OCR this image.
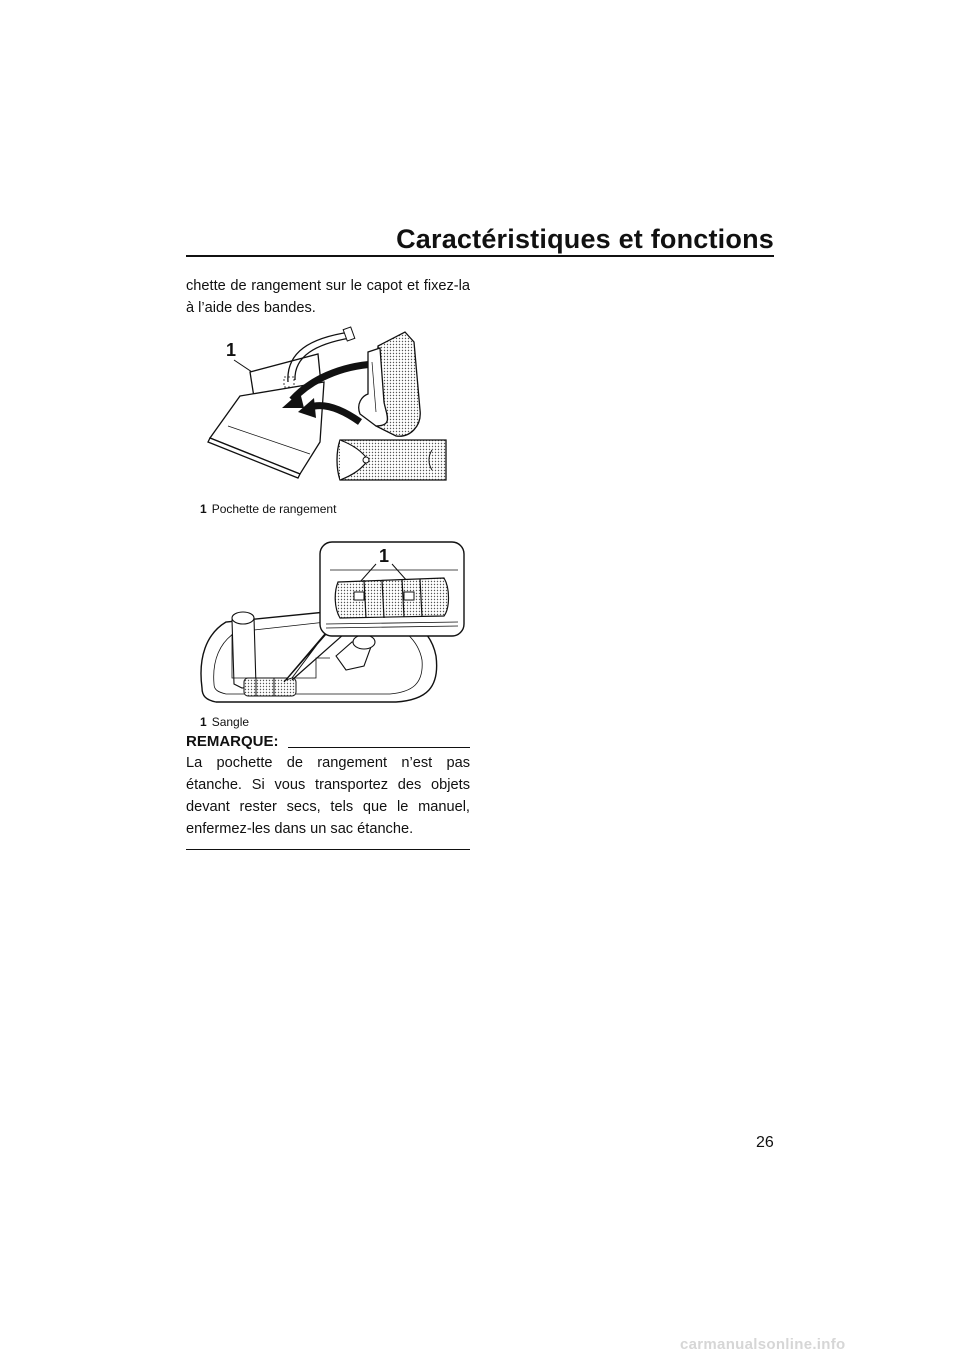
Caractéristiques et fonctions
chette de rangement sur le capot et fixez-la à l’aide des bandes.
1
1 Pochette de rangement
1
1 Sangle
REMARQUE:
La pochette de rangement n’est pas étanche. Si vous transportez des objets devant rester secs, tels que le manuel, enfermez-les dans un sac étanche.
26
carmanualsonline.info
